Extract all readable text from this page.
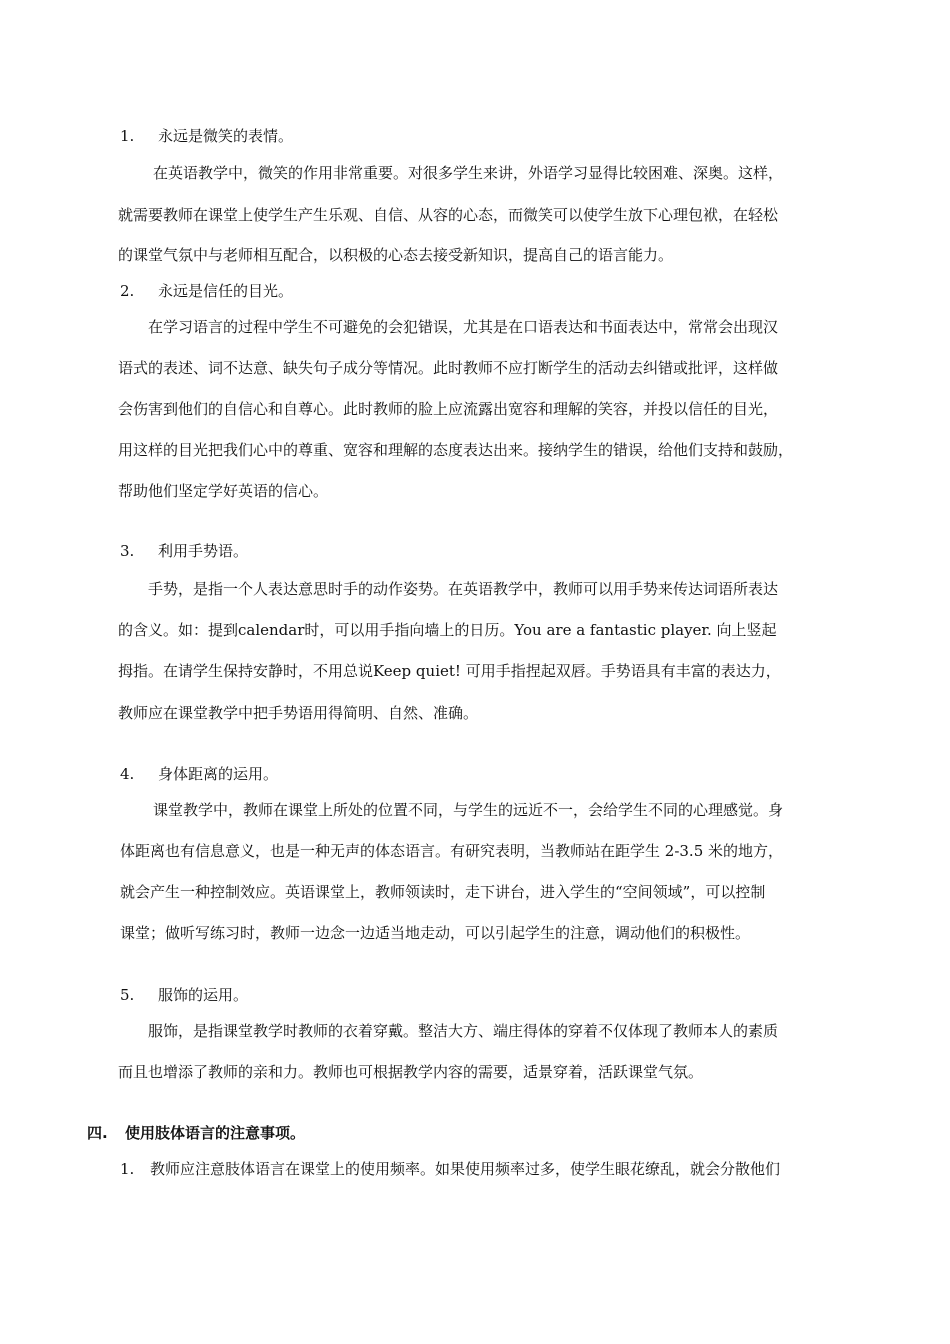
1. 永远是微笑的表情。
在英语教学中，微笑的作用非常重要。对很多学生来讲，外语学习显得比较困难、深奥。这样，
就需要教师在课堂上使学生产生乐观、自信、从容的心态，而微笑可以使学生放下心理包袱，在轻松
的课堂气氛中与老师相互配合，以积极的心态去接受新知识，提高自己的语言能力。
2. 永远是信任的目光。
在学习语言的过程中学生不可避免的会犯错误，尤其是在口语表达和书面表达中，常常会出现汉
语式的表述、词不达意、缺失句子成分等情况。此时教师不应打断学生的活动去纠错或批评，这样做
会伤害到他们的自信心和自尊心。此时教师的脸上应流露出宽容和理解的笑容，并投以信任的目光，
用这样的目光把我们心中的尊重、宽容和理解的态度表达出来。接纳学生的错误，给他们支持和鼓励，
帮助他们坚定学好英语的信心。
3. 利用手势语。
手势，是指一个人表达意思时手的动作姿势。在英语教学中，教师可以用手势来传达词语所表达
的含义。如：提到calendar时，可以用手指向墙上的日历。You are a fantastic player. 向上竖起
拇指。在请学生保持安静时，不用总说Keep quiet! 可用手指捏起双唇。手势语具有丰富的表达力，
教师应在课堂教学中把手势语用得简明、自然、准确。
4. 身体距离的运用。
课堂教学中，教师在课堂上所处的位置不同，与学生的远近不一，会给学生不同的心理感觉。身
体距离也有信息意义，也是一种无声的体态语言。有研究表明，当教师站在距学生 2-3.5 米的地方，
就会产生一种控制效应。英语课堂上，教师领读时，走下讲台，进入学生的“空间领域”，可以控制
课堂；做听写练习时，教师一边念一边适当地走动，可以引起学生的注意，调动他们的积极性。
5. 服饰的运用。
服饰，是指课堂教学时教师的衣着穿戴。整洁大方、端庄得体的穿着不仅体现了教师本人的素质
而且也增添了教师的亲和力。教师也可根据教学内容的需要，适景穿着，活跃课堂气氛。
四. 使用肢体语言的注意事项。
1. 教师应注意肢体语言在课堂上的使用频率。如果使用频率过多，使学生眼花缭乱，就会分散他们
